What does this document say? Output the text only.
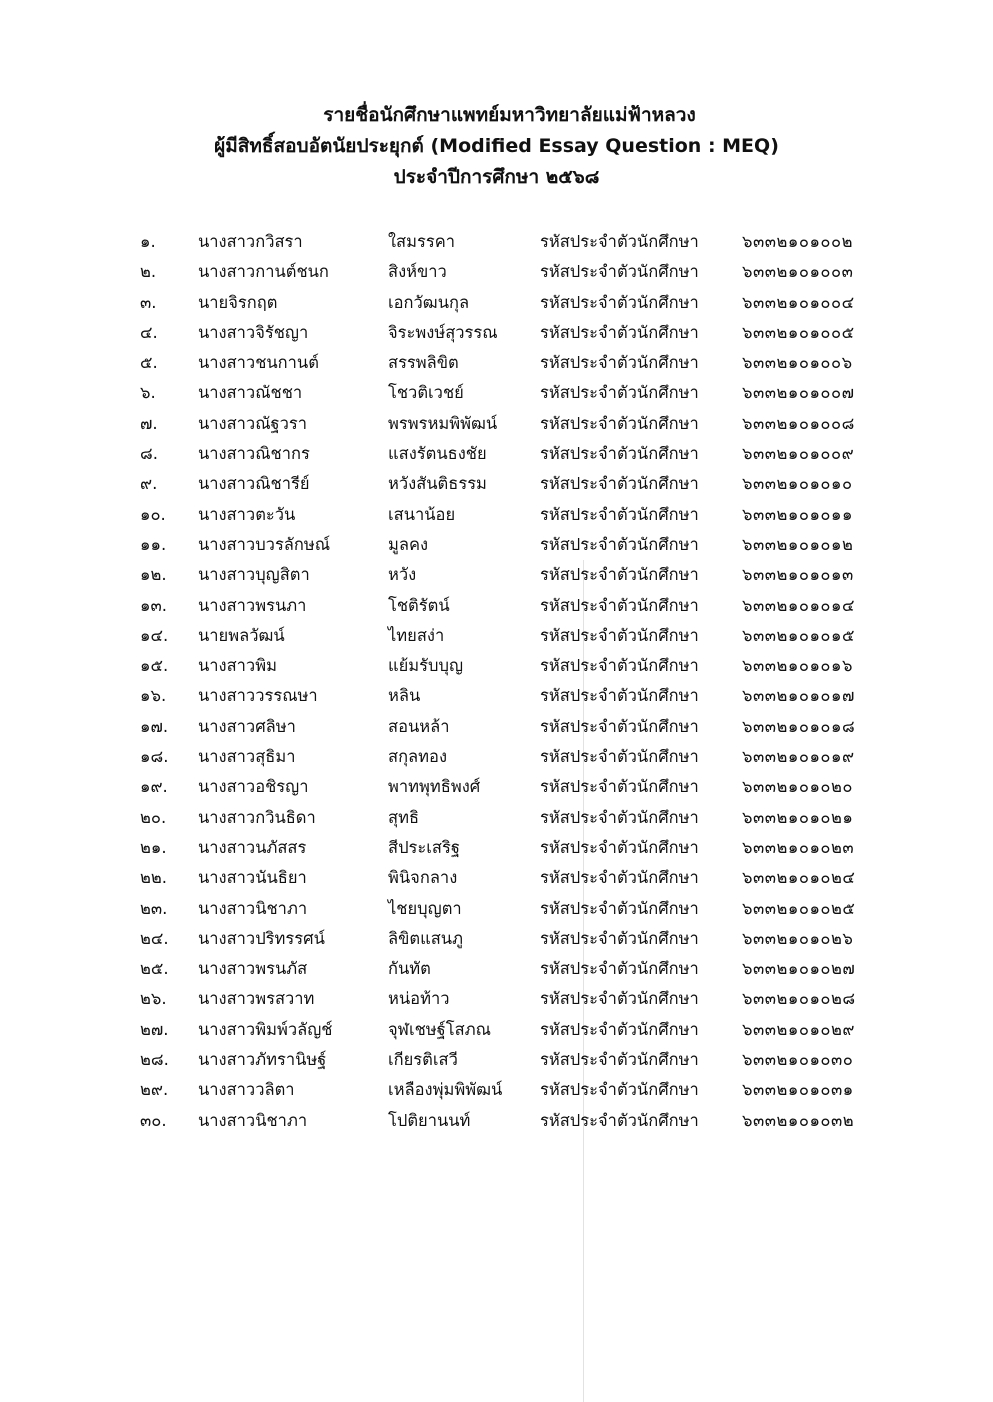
รายชื่อนักศึกษาแพทย์มหาวิทยาลัยแม่ฟ้าหลวง
ผู้มีสิทธิ์สอบอัตนัยประยุกต์ (Modified Essay Question : MEQ)
ประจำปีการศึกษา ๒๕๖๘
๑.	นางสาวกวิสรา	ใสมรรคา	รหัสประจำตัวนักศึกษา	๖๓๓๒๑๐๑๐๐๒
๒.	นางสาวกานต์ชนก	สิงห์ขาว	รหัสประจำตัวนักศึกษา	๖๓๓๒๑๐๑๐๐๓
๓.	นายจิรกฤต	เอกวัฒนกุล	รหัสประจำตัวนักศึกษา	๖๓๓๒๑๐๑๐๐๔
๔. นางสาวจิรัชญา	จิระพงษ์สุวรรณ	รหัสประจำตัวนักศึกษา	๖๓๓๒๑๐๑๐๐๕
๕. นางสาวชนกานต์	สรรพลิขิต	รหัสประจำตัวนักศึกษา	๖๓๓๒๑๐๑๐๐๖
๖.	นางสาวณัชชา	โชวติเวชย์	รหัสประจำตัวนักศึกษา	๖๓๓๒๑๐๑๐๐๗
๗. นางสาวณัฐวรา	พรพรหมพิพัฒน์	รหัสประจำตัวนักศึกษา	๖๓๓๒๑๐๑๐๐๘
๘. นางสาวณิชากร	แสงรัตนธงชัย	รหัสประจำตัวนักศึกษา	๖๓๓๒๑๐๑๐๐๙
๙. นางสาวณิชารีย์	หวังสันติธรรม	รหัสประจำตัวนักศึกษา	๖๓๓๒๑๐๑๐๑๐
๑๐. นางสาวตะวัน	เสนาน้อย	รหัสประจำตัวนักศึกษา	๖๓๓๒๑๐๑๐๑๑
๑๑. นางสาวบวรลักษณ์	มูลคง	รหัสประจำตัวนักศึกษา	๖๓๓๒๑๐๑๐๑๒
๑๒. นางสาวบุญสิตา	หวัง	รหัสประจำตัวนักศึกษา	๖๓๓๒๑๐๑๐๑๓
๑๓. นางสาวพรนภา	โชติรัตน์	รหัสประจำตัวนักศึกษา	๖๓๓๒๑๐๑๐๑๔
๑๔. นายพลวัฒน์	ไทยสง่า	รหัสประจำตัวนักศึกษา	๖๓๓๒๑๐๑๐๑๕
๑๕. นางสาวพิม	แย้มรับบุญ	รหัสประจำตัวนักศึกษา	๖๓๓๒๑๐๑๐๑๖
๑๖. นางสาววรรณษา	หลิน	รหัสประจำตัวนักศึกษา	๖๓๓๒๑๐๑๐๑๗
๑๗. นางสาวศลิษา	สอนหล้า	รหัสประจำตัวนักศึกษา	๖๓๓๒๑๐๑๐๑๘
๑๘. นางสาวสุธิมา	สกุลทอง	รหัสประจำตัวนักศึกษา	๖๓๓๒๑๐๑๐๑๙
๑๙. นางสาวอชิรญา	พาทพุทธิพงศ์	รหัสประจำตัวนักศึกษา	๖๓๓๒๑๐๑๐๒๐
๒๐. นางสาวกวินธิดา	สุทธิ	รหัสประจำตัวนักศึกษา	๖๓๓๒๑๐๑๐๒๑
๒๑. นางสาวนภัสสร	สีประเสริฐ	รหัสประจำตัวนักศึกษา	๖๓๓๒๑๐๑๐๒๓
๒๒. นางสาวนันธิยา	พินิจกลาง	รหัสประจำตัวนักศึกษา	๖๓๓๒๑๐๑๐๒๔
๒๓. นางสาวนิชาภา	ไชยบุญตา	รหัสประจำตัวนักศึกษา	๖๓๓๒๑๐๑๐๒๕
๒๔. นางสาวปริทรรศน์	ลิขิตแสนภู	รหัสประจำตัวนักศึกษา	๖๓๓๒๑๐๑๐๒๖
๒๕. นางสาวพรนภัส	กันทัต	รหัสประจำตัวนักศึกษา	๖๓๓๒๑๐๑๐๒๗
๒๖. นางสาวพรสวาท	หน่อท้าว	รหัสประจำตัวนักศึกษา	๖๓๓๒๑๐๑๐๒๘
๒๗. นางสาวพิมพ์วลัญช์	จุฬเชษฐ์โสภณ	รหัสประจำตัวนักศึกษา	๖๓๓๒๑๐๑๐๒๙
๒๘. นางสาวภัทรานิษฐ์	เกียรติเสวี	รหัสประจำตัวนักศึกษา	๖๓๓๒๑๐๑๐๓๐
๒๙. นางสาววลิตา	เหลืองพุ่มพิพัฒน์ รหัสประจำตัวนักศึกษา	๖๓๓๒๑๐๑๐๓๑
๓๐. นางสาวนิชาภา	โปติยานนท์	รหัสประจำตัวนักศึกษา	๖๓๓๒๑๐๑๐๓๒
